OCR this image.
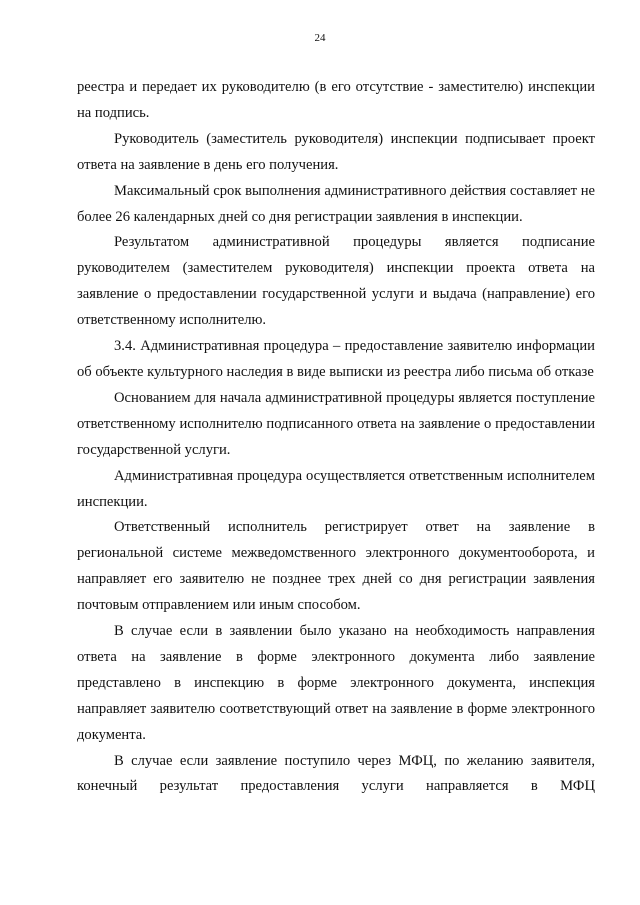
24

реестра и передает их руководителю (в его отсутствие - заместителю) инспекции на подпись.

Руководитель (заместитель руководителя) инспекции подписывает проект ответа на заявление в день его получения.

Максимальный срок выполнения административного действия составляет не более 26 календарных дней со дня регистрации заявления в инспекции.

Результатом административной процедуры является подписание руководителем (заместителем руководителя) инспекции проекта ответа на заявление о предоставлении государственной услуги и выдача (направление) его ответственному исполнителю.

3.4. Административная процедура – предоставление заявителю информации об объекте культурного наследия в виде выписки из реестра либо письма об отказе

Основанием для начала административной процедуры является поступление ответственному исполнителю подписанного ответа на заявление о предоставлении государственной услуги.

Административная процедура осуществляется ответственным исполнителем инспекции.

Ответственный исполнитель регистрирует ответ на заявление в региональной системе межведомственного электронного документооборота, и направляет его заявителю не позднее трех дней со дня регистрации заявления почтовым отправлением или иным способом.

В случае если в заявлении было указано на необходимость направления ответа на заявление в форме электронного документа либо заявление представлено в инспекцию в форме электронного документа, инспекция направляет заявителю соответствующий ответ на заявление в форме электронного документа.

В случае если заявление поступило через МФЦ, по желанию заявителя, конечный результат предоставления услуги направляется в МФЦ
